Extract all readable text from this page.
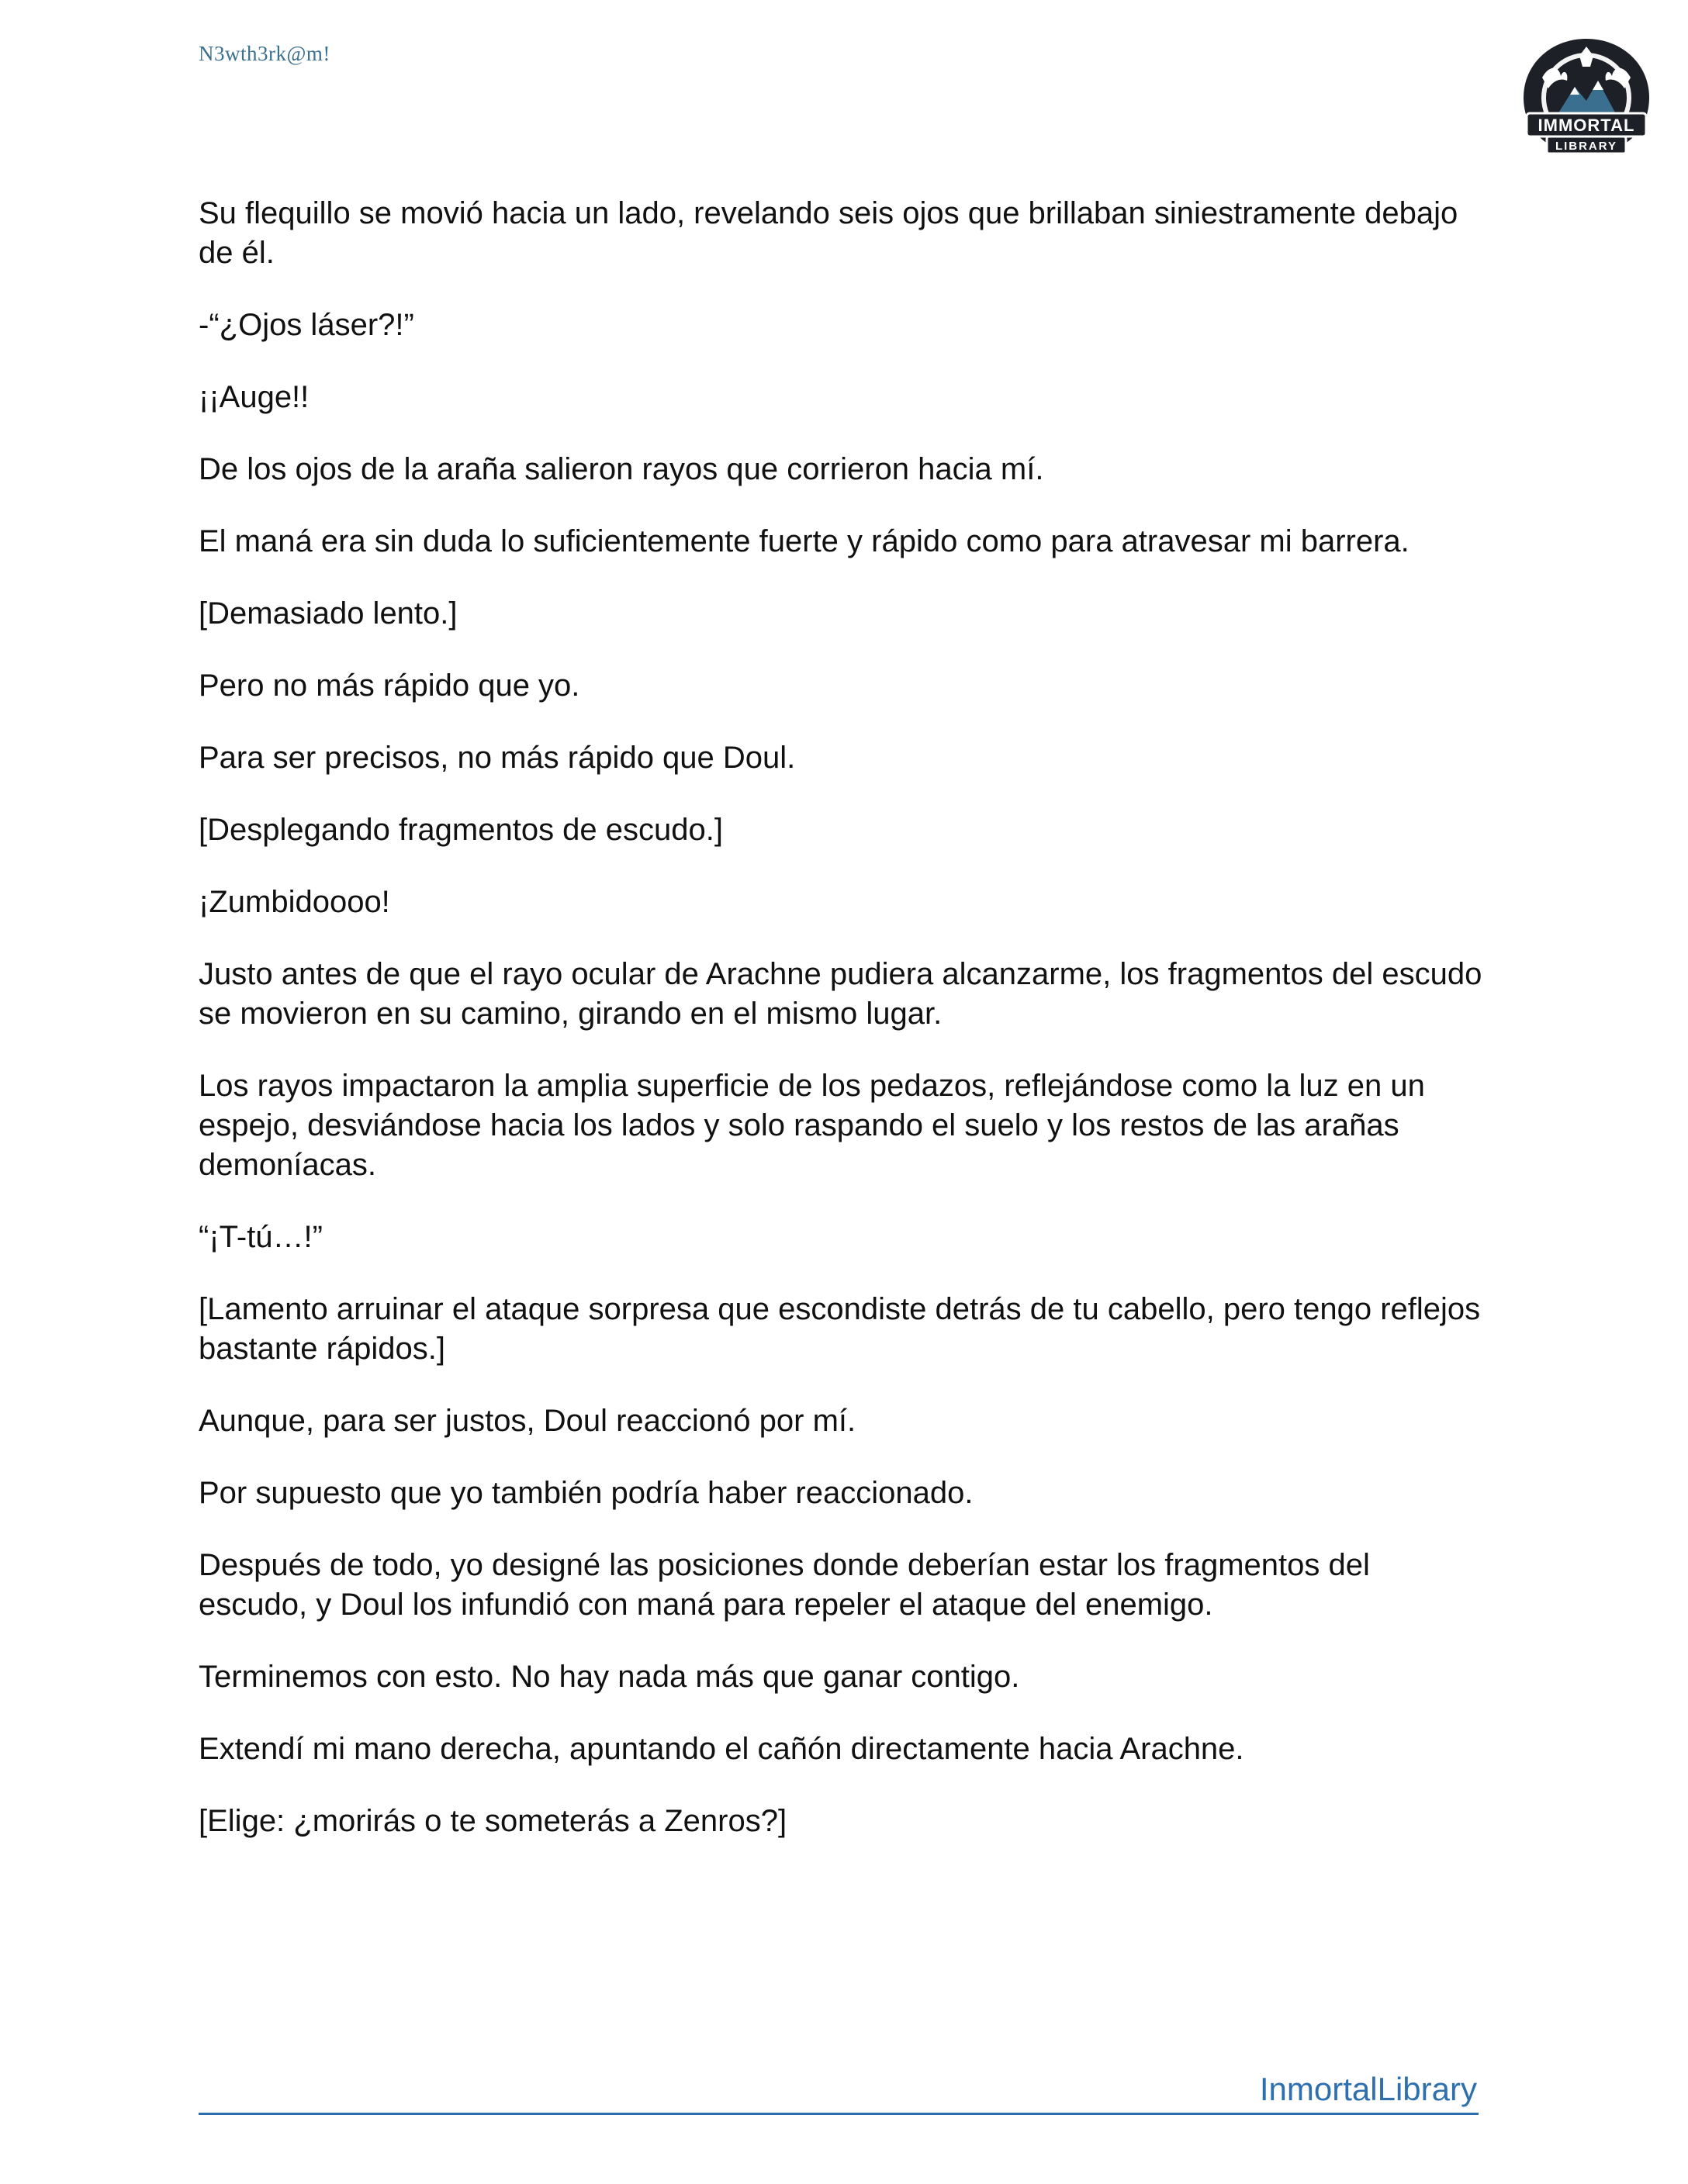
N3wth3rk@m!
IMMORTAL
LIBRARY

Su flequillo se movió hacia un lado, revelando seis ojos que brillaban siniestramente debajo de él.

-“¿Ojos láser?!”

¡¡Auge!!

De los ojos de la araña salieron rayos que corrieron hacia mí.

El maná era sin duda lo suficientemente fuerte y rápido como para atravesar mi barrera.

[Demasiado lento.]

Pero no más rápido que yo.

Para ser precisos, no más rápido que Doul.

[Desplegando fragmentos de escudo.]

¡Zumbidoooo!

Justo antes de que el rayo ocular de Arachne pudiera alcanzarme, los fragmentos del escudo se movieron en su camino, girando en el mismo lugar.

Los rayos impactaron la amplia superficie de los pedazos, reflejándose como la luz en un espejo, desviándose hacia los lados y solo raspando el suelo y los restos de las arañas demoníacas.

“¡T-tú…!”

[Lamento arruinar el ataque sorpresa que escondiste detrás de tu cabello, pero tengo reflejos bastante rápidos.]

Aunque, para ser justos, Doul reaccionó por mí.

Por supuesto que yo también podría haber reaccionado.

Después de todo, yo designé las posiciones donde deberían estar los fragmentos del escudo, y Doul los infundió con maná para repeler el ataque del enemigo.

Terminemos con esto. No hay nada más que ganar contigo.

Extendí mi mano derecha, apuntando el cañón directamente hacia Arachne.

[Elige: ¿morirás o te someterás a Zenros?]

InmortalLibrary
